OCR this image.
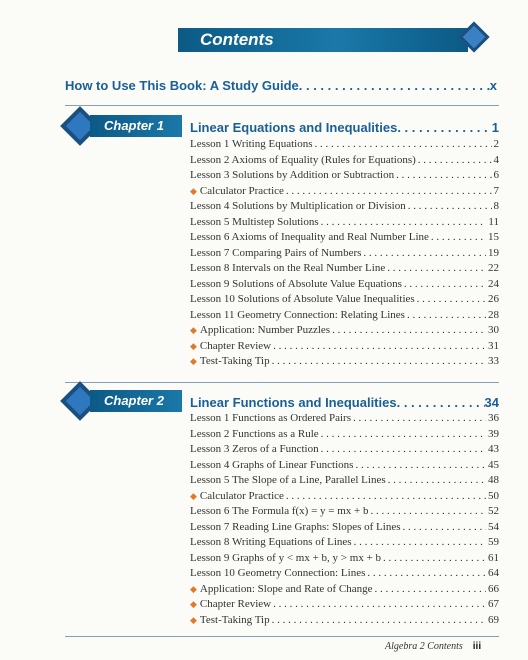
Contents
How to Use This Book: A Study Guide . . .	x
Chapter 1	Linear Equations and Inequalities . . .	1
Lesson 1 Writing Equations . . .	2
Lesson 2 Axioms of Equality (Rules for Equations) . . .	4
Lesson 3 Solutions by Addition or Subtraction . . .	6
◆ Calculator Practice . . .	7
Lesson 4 Solutions by Multiplication or Division . . .	8
Lesson 5 Multistep Solutions . . .	11
Lesson 6 Axioms of Inequality and Real Number Line . . .	15
Lesson 7 Comparing Pairs of Numbers . . .	19
Lesson 8 Intervals on the Real Number Line . . .	22
Lesson 9 Solutions of Absolute Value Equations . . .	24
Lesson 10 Solutions of Absolute Value Inequalities . . .	26
Lesson 11 Geometry Connection: Relating Lines . . .	28
◆ Application: Number Puzzles . . .	30
◆ Chapter Review . . .	31
◆ Test-Taking Tip . . .	33
Chapter 2	Linear Functions and Inequalities . . .	34
Lesson 1 Functions as Ordered Pairs . . .	36
Lesson 2 Functions as a Rule . . .	39
Lesson 3 Zeros of a Function . . .	43
Lesson 4 Graphs of Linear Functions . . .	45
Lesson 5 The Slope of a Line, Parallel Lines . . .	48
◆ Calculator Practice . . .	50
Lesson 6 The Formula f(x) = y = mx + b . . .	52
Lesson 7 Reading Line Graphs: Slopes of Lines . . .	54
Lesson 8 Writing Equations of Lines . . .	59
Lesson 9 Graphs of y < mx + b, y > mx + b . . .	61
Lesson 10 Geometry Connection: Lines . . .	64
◆ Application: Slope and Rate of Change . . .	66
◆ Chapter Review . . .	67
◆ Test-Taking Tip . . .	69
Algebra 2 Contents iii
